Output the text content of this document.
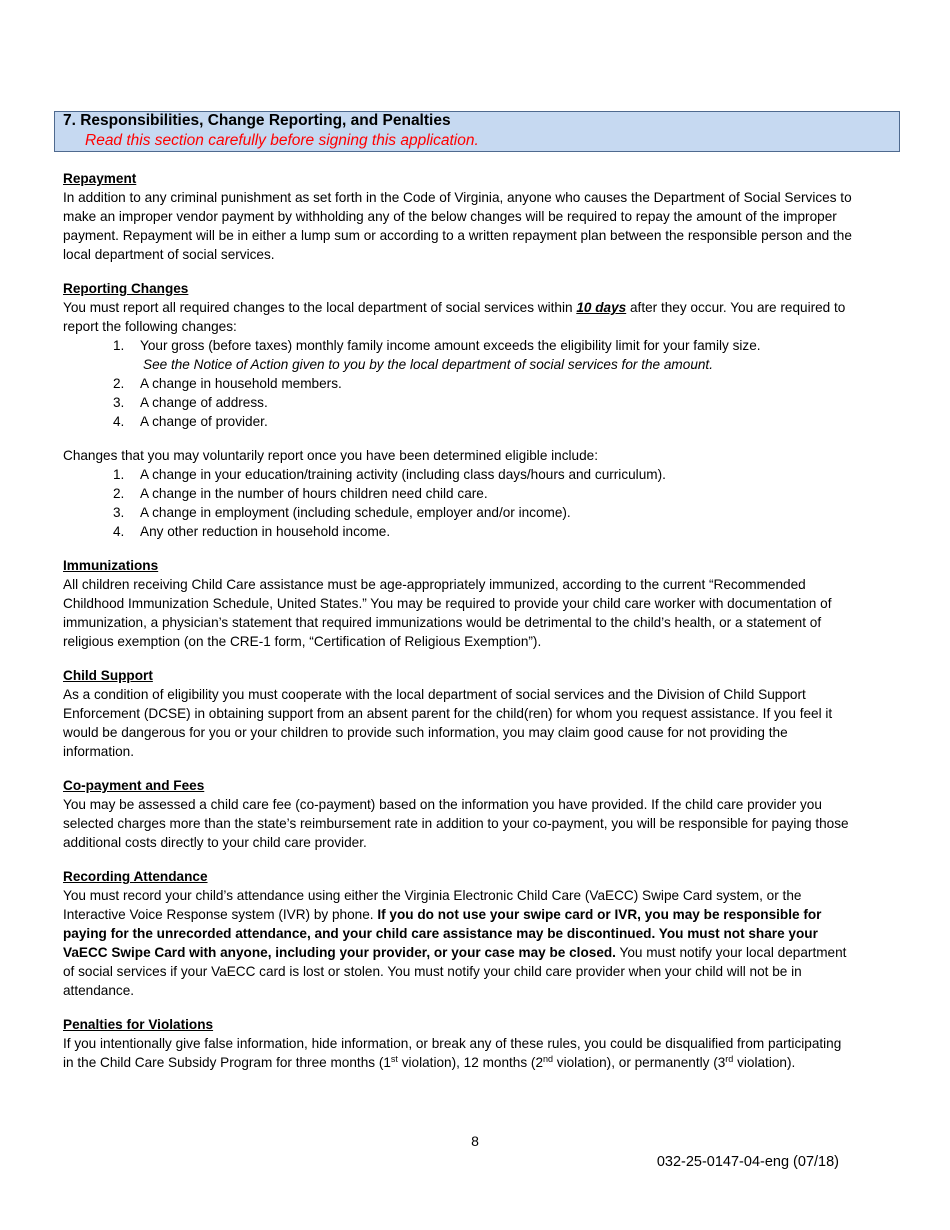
7. Responsibilities, Change Reporting, and Penalties
Read this section carefully before signing this application.
Repayment

In addition to any criminal punishment as set forth in the Code of Virginia, anyone who causes the Department of Social Services to make an improper vendor payment by withholding any of the below changes will be required to repay the amount of the improper payment. Repayment will be in either a lump sum or according to a written repayment plan between the responsible person and the local department of social services.

Reporting Changes

You must report all required changes to the local department of social services within 10 days after they occur. You are required to report the following changes:

1. Your gross (before taxes) monthly family income amount exceeds the eligibility limit for your family size.
See the Notice of Action given to you by the local department of social services for the amount.
2. A change in household members.
3. A change of address.
4. A change of provider.

Changes that you may voluntarily report once you have been determined eligible include:

1. A change in your education/training activity (including class days/hours and curriculum).
2. A change in the number of hours children need child care.
3. A change in employment (including schedule, employer and/or income).
4. Any other reduction in household income.
Immunizations

All children receiving Child Care assistance must be age-appropriately immunized, according to the current “Recommended Childhood Immunization Schedule, United States.” You may be required to provide your child care worker with documentation of immunization, a physician’s statement that required immunizations would be detrimental to the child’s health, or a statement of religious exemption (on the CRE-1 form, “Certification of Religious Exemption”).

Child Support

As a condition of eligibility you must cooperate with the local department of social services and the Division of Child Support Enforcement (DCSE) in obtaining support from an absent parent for the child(ren) for whom you request assistance. If you feel it would be dangerous for you or your children to provide such information, you may claim good cause for not providing the information.

Co-payment and Fees

You may be assessed a child care fee (co-payment) based on the information you have provided. If the child care provider you selected charges more than the state’s reimbursement rate in addition to your co-payment, you will be responsible for paying those additional costs directly to your child care provider.

Recording Attendance

You must record your child’s attendance using either the Virginia Electronic Child Care (VaECC) Swipe Card system, or the Interactive Voice Response system (IVR) by phone. If you do not use your swipe card or IVR, you may be responsible for paying for the unrecorded attendance, and your child care assistance may be discontinued. You must not share your VaECC Swipe Card with anyone, including your provider, or your case may be closed. You must notify your local department of social services if your VaECC card is lost or stolen. You must notify your child care provider when your child will not be in attendance.

Penalties for Violations

If you intentionally give false information, hide information, or break any of these rules, you could be disqualified from participating in the Child Care Subsidy Program for three months (1st violation), 12 months (2nd violation), or permanently (3rd violation).

8
032-25-0147-04-eng (07/18)
